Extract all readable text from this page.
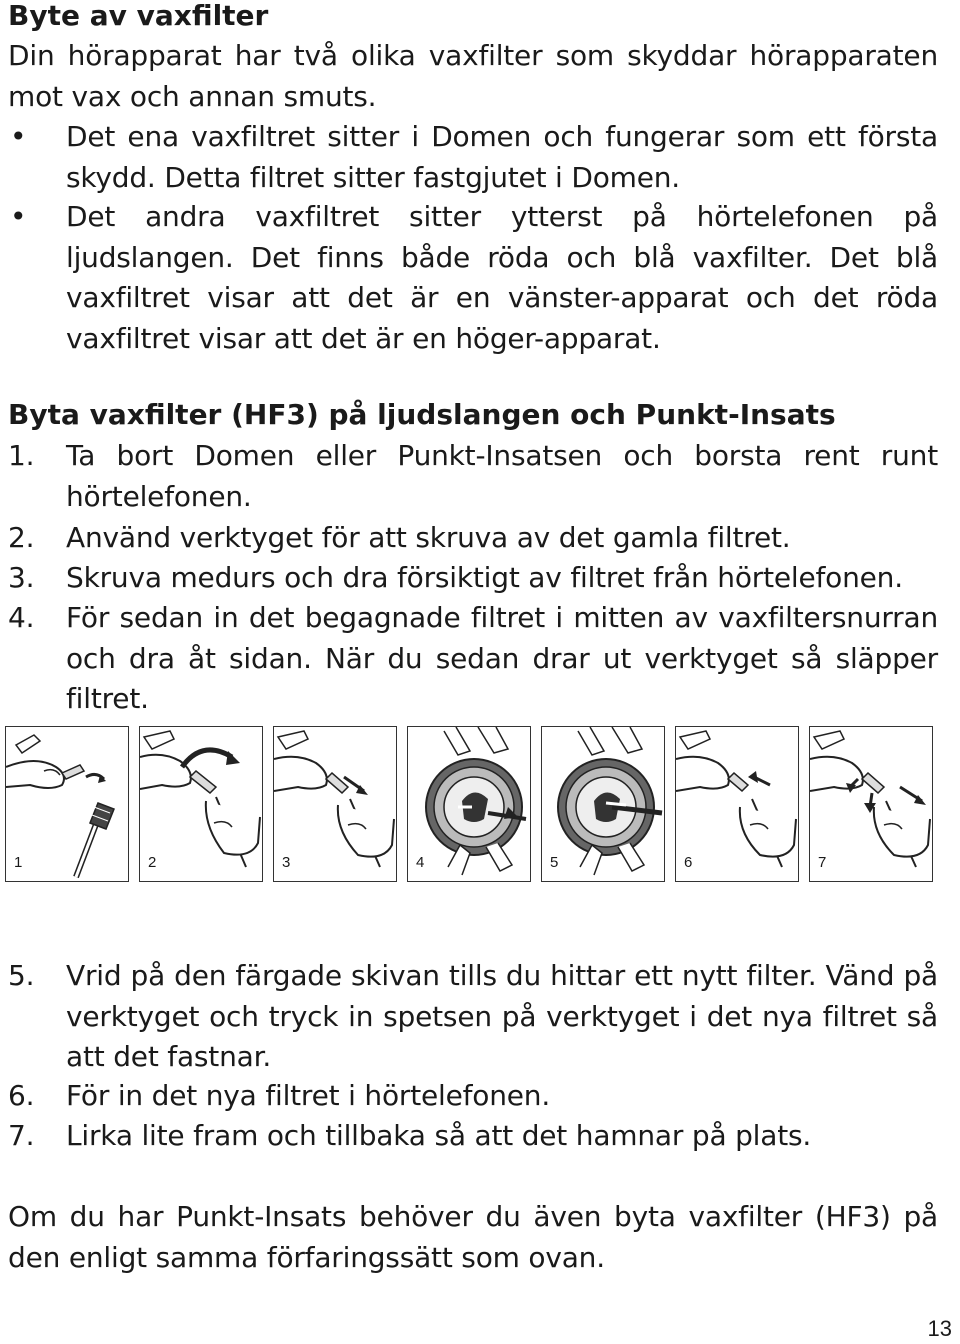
Byte av vaxfilter

Din hörapparat har två olika vaxfilter som skyddar hörapparaten mot vax och annan smuts.

• Det ena vaxfiltret sitter i Domen och fungerar som ett första skydd. Detta filtret sitter fastgjutet i Domen.
• Det andra vaxfiltret sitter ytterst på hörtelefonen på ljudslangen. Det finns både röda och blå vaxfilter. Det blå vaxfiltret visar att det är en vänster-apparat och det röda vaxfiltret visar att det är en höger-apparat.
Byta vaxfilter (HF3) på ljudslangen och Punkt-Insats
1. Ta bort Domen eller Punkt-Insatsen och borsta rent runt hörtelefonen.
2. Använd verktyget för att skruva av det gamla filtret.
3. Skruva medurs och dra försiktigt av filtret från hörtelefonen.
4. För sedan in det begagnade filtret i mitten av vaxfiltersnurran och dra åt sidan. När du sedan drar ut verktyget så släpper filtret.
1	2	3	4	5	6	7
5. Vrid på den färgade skivan tills du hittar ett nytt filter. Vänd på verktyget och tryck in spetsen på verktyget i det nya filtret så att det fastnar.
6. För in det nya filtret i hörtelefonen.
7. Lirka lite fram och tillbaka så att det hamnar på plats.

Om du har Punkt-Insats behöver du även byta vaxfilter (HF3) på den enligt samma förfaringssätt som ovan.

13
